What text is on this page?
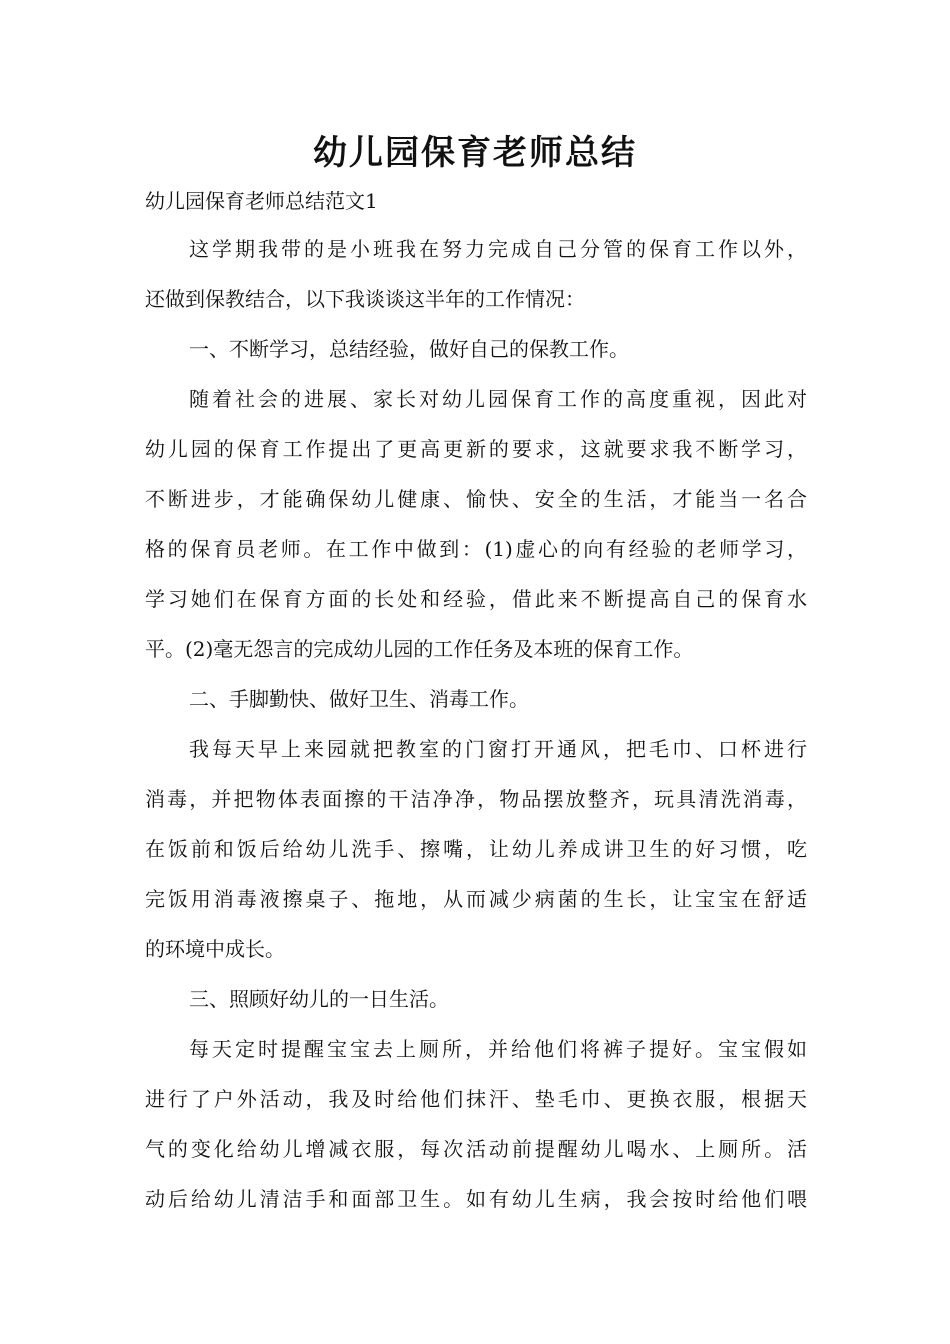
幼儿园保育老师总结
幼儿园保育老师总结范文1
这学期我带的是小班我在努力完成自己分管的保育工作以外，
还做到保教结合，以下我谈谈这半年的工作情况：
一、不断学习，总结经验，做好自己的保教工作。
随着社会的进展、家长对幼儿园保育工作的高度重视，因此对
幼儿园的保育工作提出了更高更新的要求，这就要求我不断学习，
不断进步，才能确保幼儿健康、愉快、安全的生活，才能当一名合
格的保育员老师。在工作中做到：(1)虚心的向有经验的老师学习，
学习她们在保育方面的长处和经验，借此来不断提高自己的保育水
平。(2)毫无怨言的完成幼儿园的工作任务及本班的保育工作。
二、手脚勤快、做好卫生、消毒工作。
我每天早上来园就把教室的门窗打开通风，把毛巾、口杯进行
消毒，并把物体表面擦的干洁净净，物品摆放整齐，玩具清洗消毒，
在饭前和饭后给幼儿洗手、擦嘴，让幼儿养成讲卫生的好习惯，吃
完饭用消毒液擦桌子、拖地，从而减少病菌的生长，让宝宝在舒适
的环境中成长。
三、照顾好幼儿的一日生活。
每天定时提醒宝宝去上厕所，并给他们将裤子提好。宝宝假如
进行了户外活动，我及时给他们抹汗、垫毛巾、更换衣服，根据天
气的变化给幼儿增减衣服，每次活动前提醒幼儿喝水、上厕所。活
动后给幼儿清洁手和面部卫生。如有幼儿生病，我会按时给他们喂
